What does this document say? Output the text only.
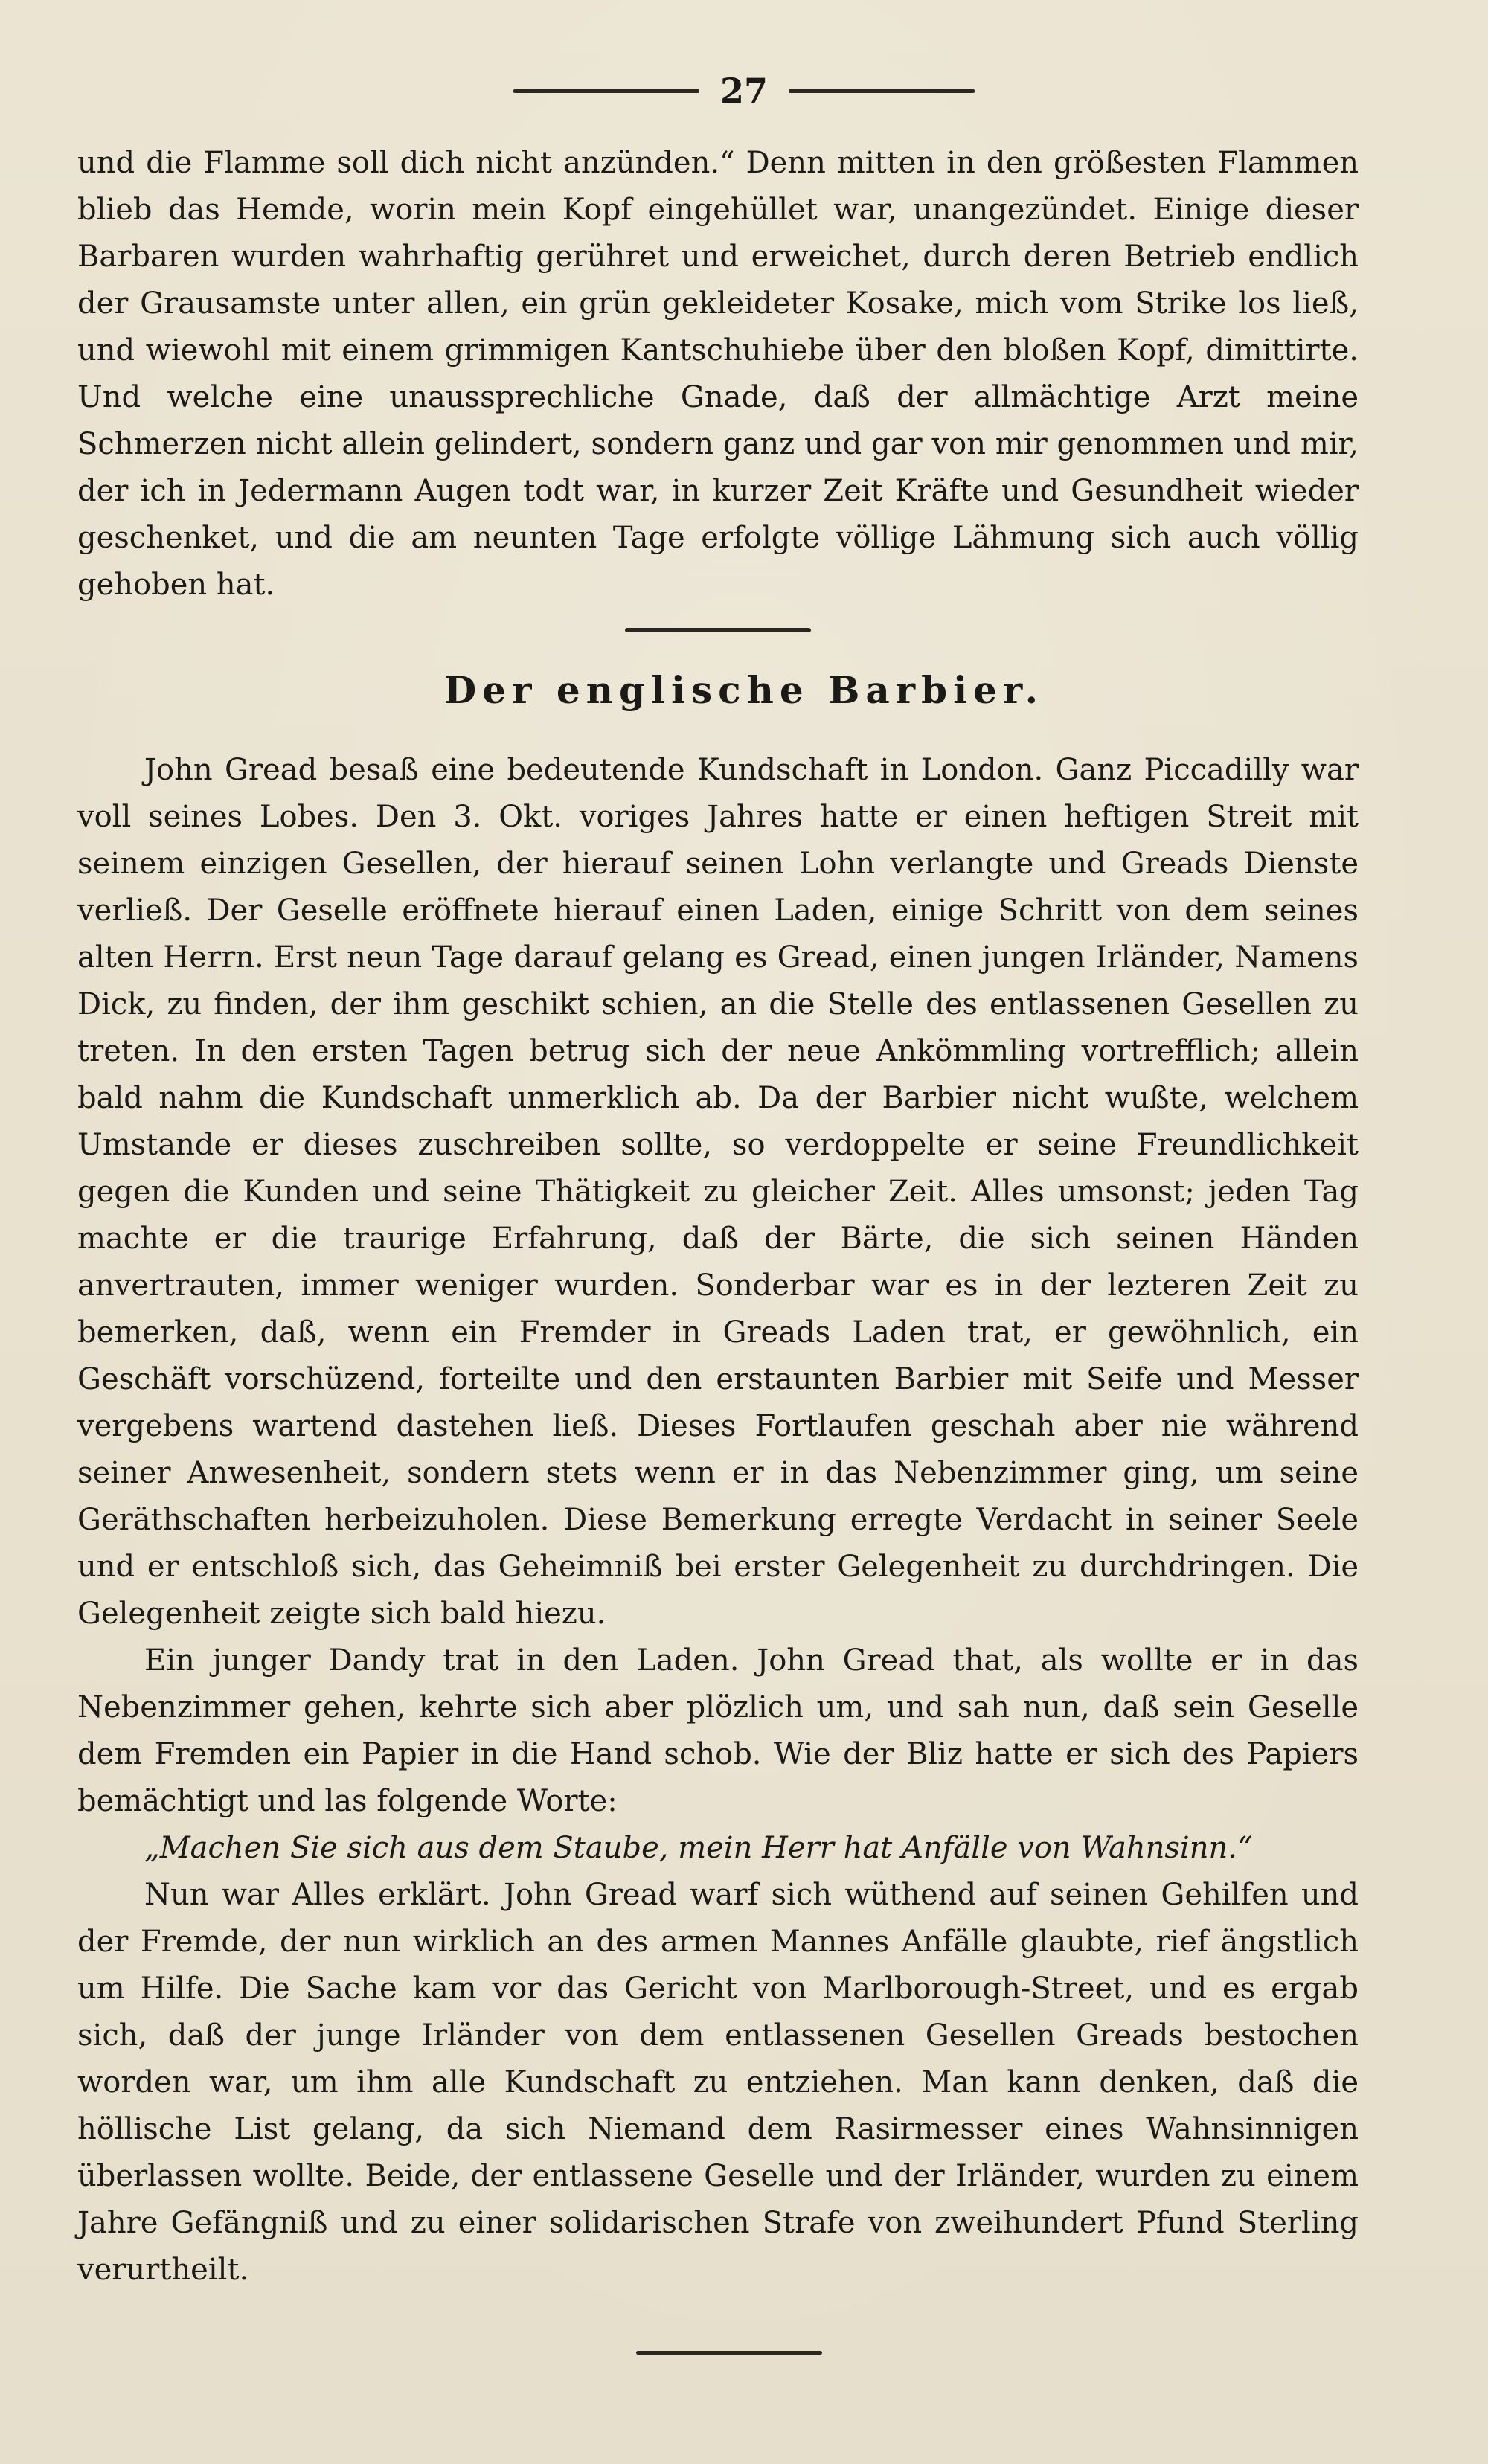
27

und die Flamme soll dich nicht anzünden.“ Denn mitten in den größesten Flammen blieb das Hemde, worin mein Kopf eingehüllet war, unangezündet. Einige dieser Barbaren wurden wahrhaftig gerühret und erweichet, durch deren Betrieb endlich der Grausamste unter allen, ein grün gekleideter Kosake, mich vom Strike los ließ, und wiewohl mit einem grimmigen Kantschuhiebe über den bloßen Kopf, dimittirte. Und welche eine unaussprechliche Gnade, daß der allmächtige Arzt meine Schmerzen nicht allein gelindert, sondern ganz und gar von mir genommen und mir, der ich in Jedermann Augen todt war, in kurzer Zeit Kräfte und Gesundheit wieder geschenket, und die am neunten Tage erfolgte völlige Lähmung sich auch völlig gehoben hat.

Der englische Barbier.

John Gread besaß eine bedeutende Kundschaft in London. Ganz Piccadilly war voll seines Lobes. Den 3. Okt. voriges Jahres hatte er einen heftigen Streit mit seinem einzigen Gesellen, der hierauf seinen Lohn verlangte und Greads Dienste verließ. Der Geselle eröffnete hierauf einen Laden, einige Schritt von dem seines alten Herrn. Erst neun Tage darauf gelang es Gread, einen jungen Irländer, Namens Dick, zu finden, der ihm geschikt schien, an die Stelle des entlassenen Gesellen zu treten. In den ersten Tagen betrug sich der neue Ankömmling vortrefflich; allein bald nahm die Kundschaft unmerklich ab. Da der Barbier nicht wußte, welchem Umstande er dieses zuschreiben sollte, so verdoppelte er seine Freundlichkeit gegen die Kunden und seine Thätigkeit zu gleicher Zeit. Alles umsonst; jeden Tag machte er die traurige Erfahrung, daß der Bärte, die sich seinen Händen anvertrauten, immer weniger wurden. Sonderbar war es in der lezteren Zeit zu bemerken, daß, wenn ein Fremder in Greads Laden trat, er gewöhnlich, ein Geschäft vorschüzend, forteilte und den erstaunten Barbier mit Seife und Messer vergebens wartend dastehen ließ. Dieses Fortlaufen geschah aber nie während seiner Anwesenheit, sondern stets wenn er in das Nebenzimmer ging, um seine Geräthschaften herbeizuholen. Diese Bemerkung erregte Verdacht in seiner Seele und er entschloß sich, das Geheimniß bei erster Gelegenheit zu durchdringen. Die Gelegenheit zeigte sich bald hiezu.

Ein junger Dandy trat in den Laden. John Gread that, als wollte er in das Nebenzimmer gehen, kehrte sich aber plözlich um, und sah nun, daß sein Geselle dem Fremden ein Papier in die Hand schob. Wie der Bliz hatte er sich des Papiers bemächtigt und las folgende Worte:

„Machen Sie sich aus dem Staube, mein Herr hat Anfälle von Wahnsinn.“

Nun war Alles erklärt. John Gread warf sich wüthend auf seinen Gehilfen und der Fremde, der nun wirklich an des armen Mannes Anfälle glaubte, rief ängstlich um Hilfe. Die Sache kam vor das Gericht von Marlborough-Street, und es ergab sich, daß der junge Irländer von dem entlassenen Gesellen Greads bestochen worden war, um ihm alle Kundschaft zu entziehen. Man kann denken, daß die höllische List gelang, da sich Niemand dem Rasirmesser eines Wahnsinnigen überlassen wollte. Beide, der entlassene Geselle und der Irländer, wurden zu einem Jahre Gefängniß und zu einer solidarischen Strafe von zweihundert Pfund Sterling verurtheilt.
